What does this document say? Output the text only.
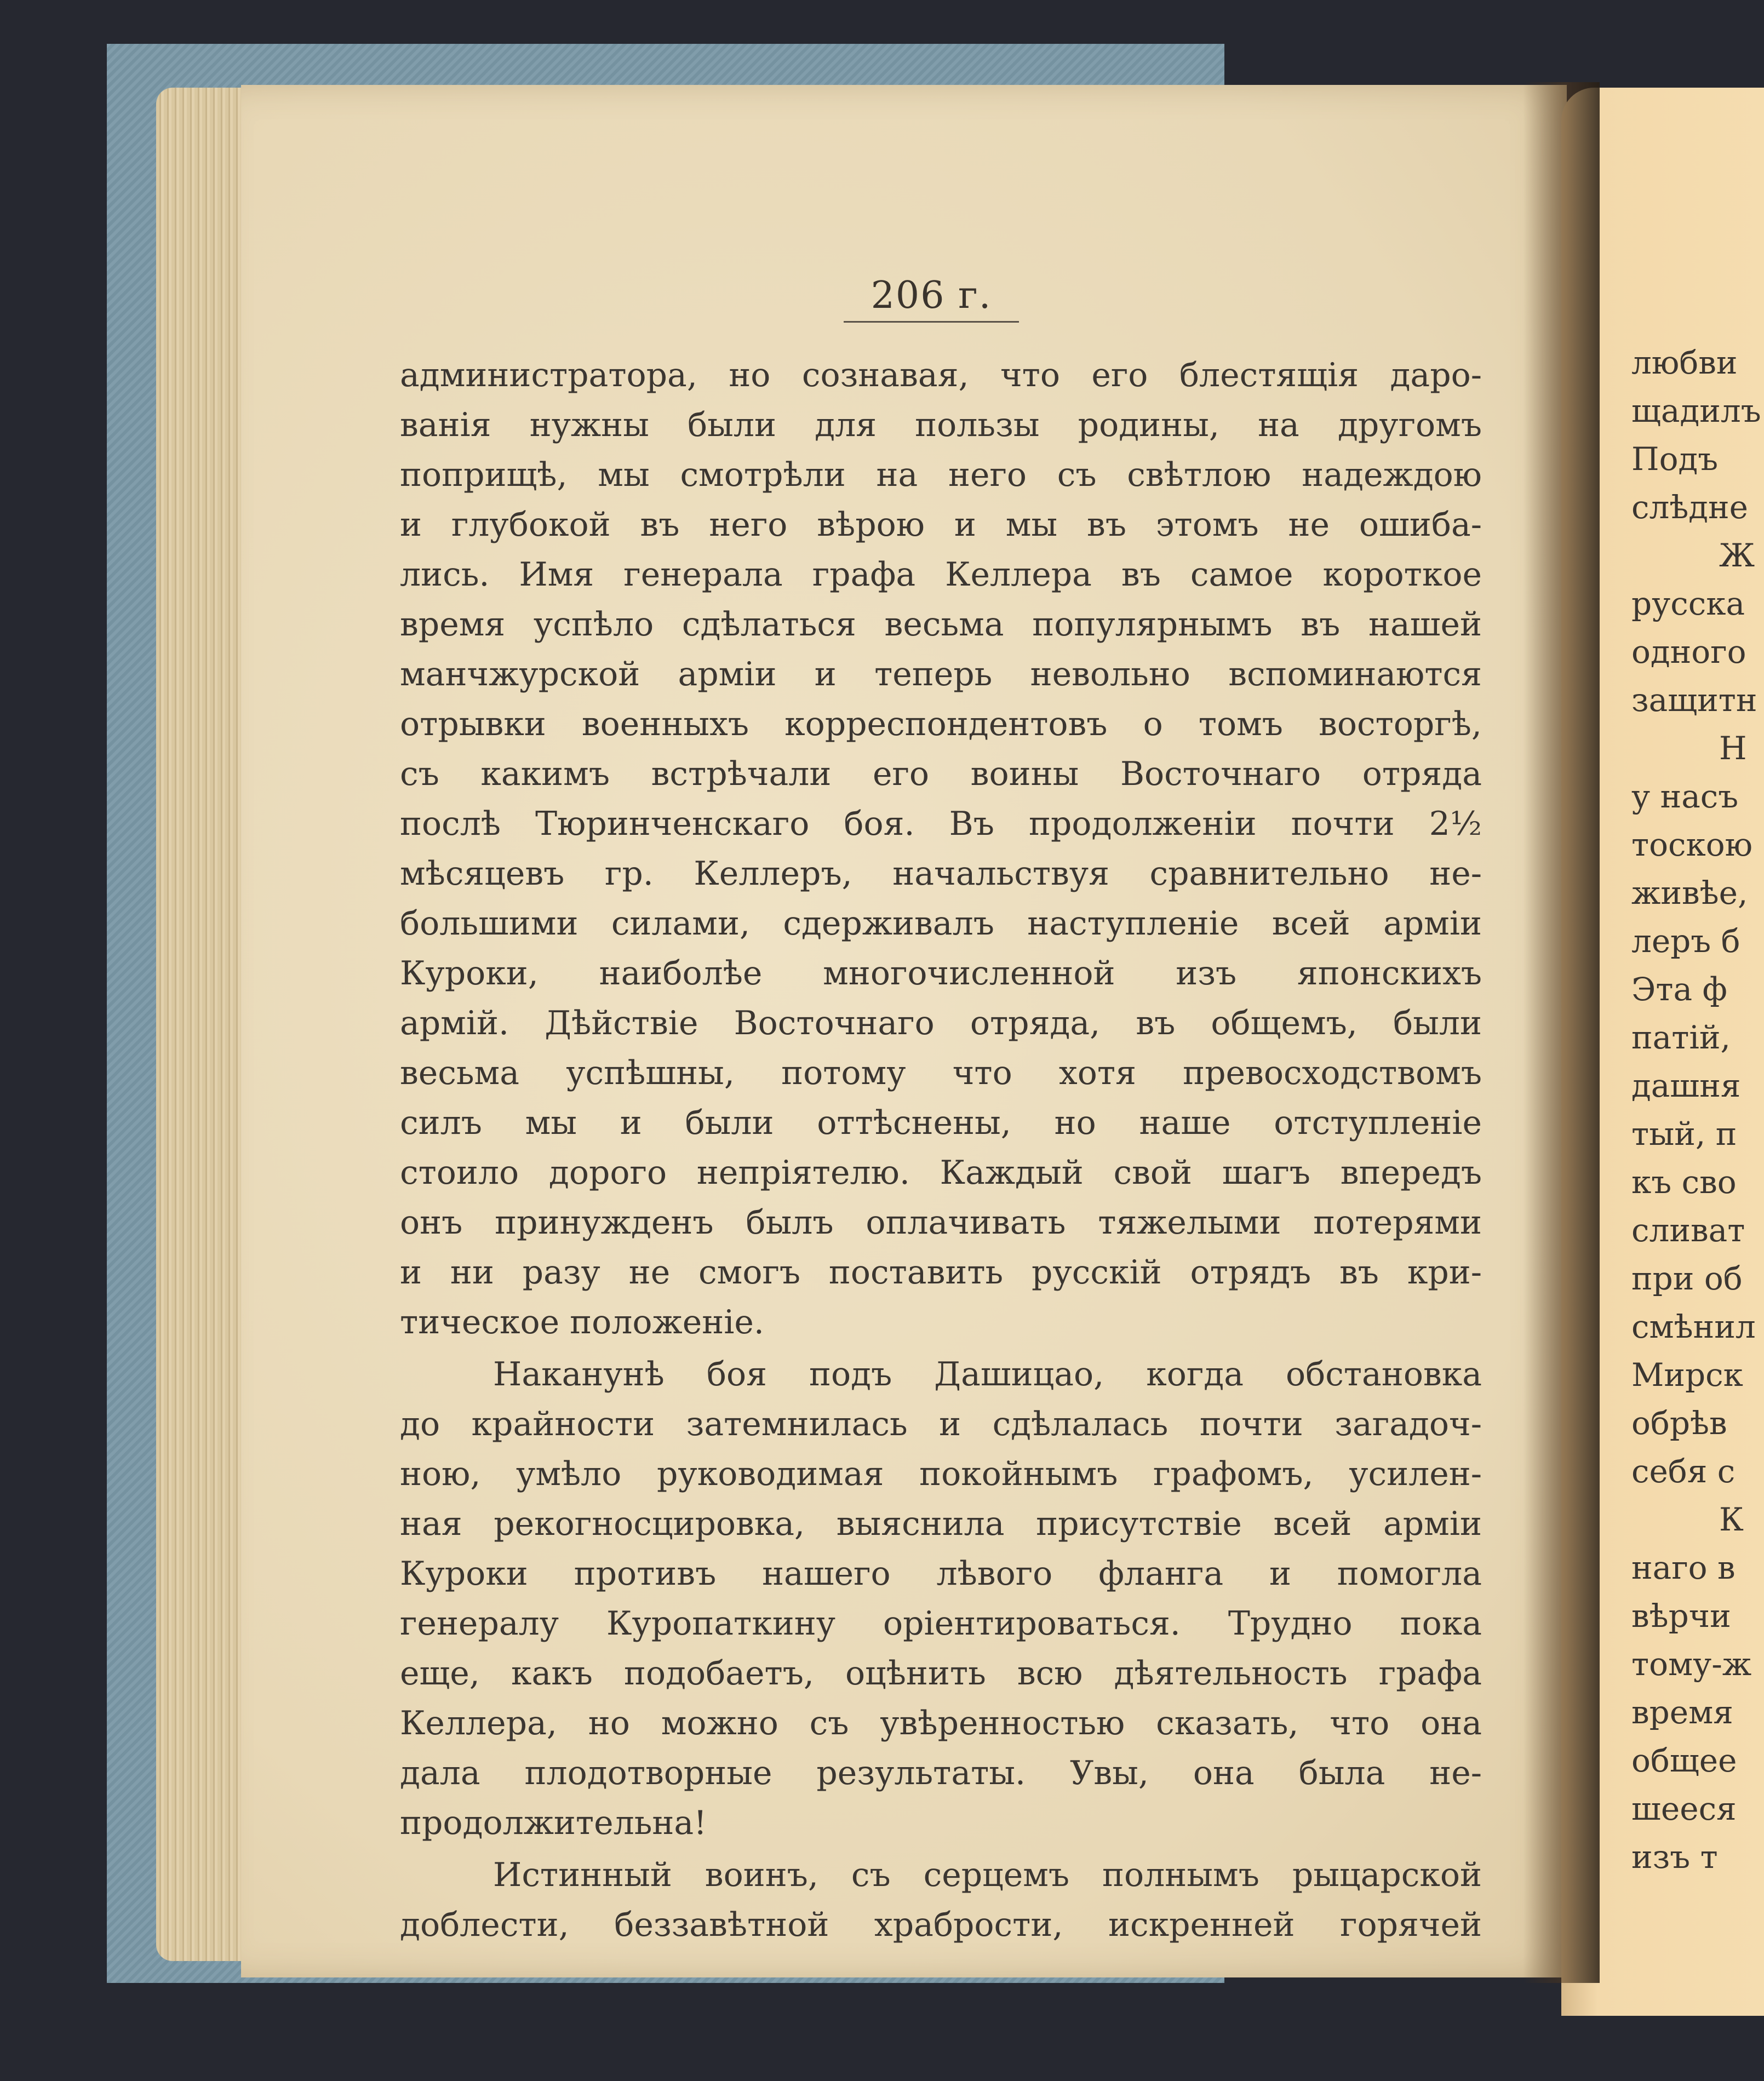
206 г.
администратора, но сознавая, что его блестящія даро-
ванія нужны были для пользы родины, на другомъ
поприщѣ, мы смотрѣли на него съ свѣтлою надеждою
и глубокой въ него вѣрою и мы въ этомъ не ошиба-
лись. Имя генерала графа Келлера въ самое короткое
время успѣло сдѣлаться весьма популярнымъ въ нашей
манчжурской арміи и теперь невольно вспоминаются
отрывки военныхъ корреспондентовъ о томъ восторгѣ,
съ какимъ встрѣчали его воины Восточнаго отряда
послѣ Тюринченскаго боя. Въ продолженіи почти 2½
мѣсяцевъ гр. Келлеръ, начальствуя сравнительно не-
большими силами, сдерживалъ наступленіе всей арміи
Куроки, наиболѣе многочисленной изъ японскихъ
армій. Дѣйствіе Восточнаго отряда, въ общемъ, были
весьма успѣшны, потому что хотя превосходствомъ
силъ мы и были оттѣснены, но наше отступленіе
стоило дорого непріятелю. Каждый свой шагъ впередъ
онъ принужденъ былъ оплачивать тяжелыми потерями
и ни разу не смогъ поставить русскій отрядъ въ кри-
тическое положеніе.
Наканунѣ боя подъ Дашицао, когда обстановка
до крайности затемнилась и сдѣлалась почти загадоч-
ною, умѣло руководимая покойнымъ графомъ, усилен-
ная рекогносцировка, выяснила присутствіе всей арміи
Куроки противъ нашего лѣвого фланга и помогла
генералу Куропаткину оріентироваться. Трудно пока
еще, какъ подобаетъ, оцѣнить всю дѣятельность графа
Келлера, но можно съ увѣренностью сказать, что она
дала плодотворные результаты. Увы, она была не-
продолжительна!
Истинный воинъ, съ серцемъ полнымъ рыцарской
доблести, беззавѣтной храбрости, искренней горячей
любви
щадилъ
Подъ
слѣдне
Ж
русска
одного
защитн
Н
у насъ
тоскою
живѣе,
леръ б
Эта ф
патій,
дашня
тый, п
къ сво
сливат
при об
смѣнил
Мирск
обрѣв
себя с
К
наго в
вѣрчи
тому-ж
время
общее
шееся
изъ т
